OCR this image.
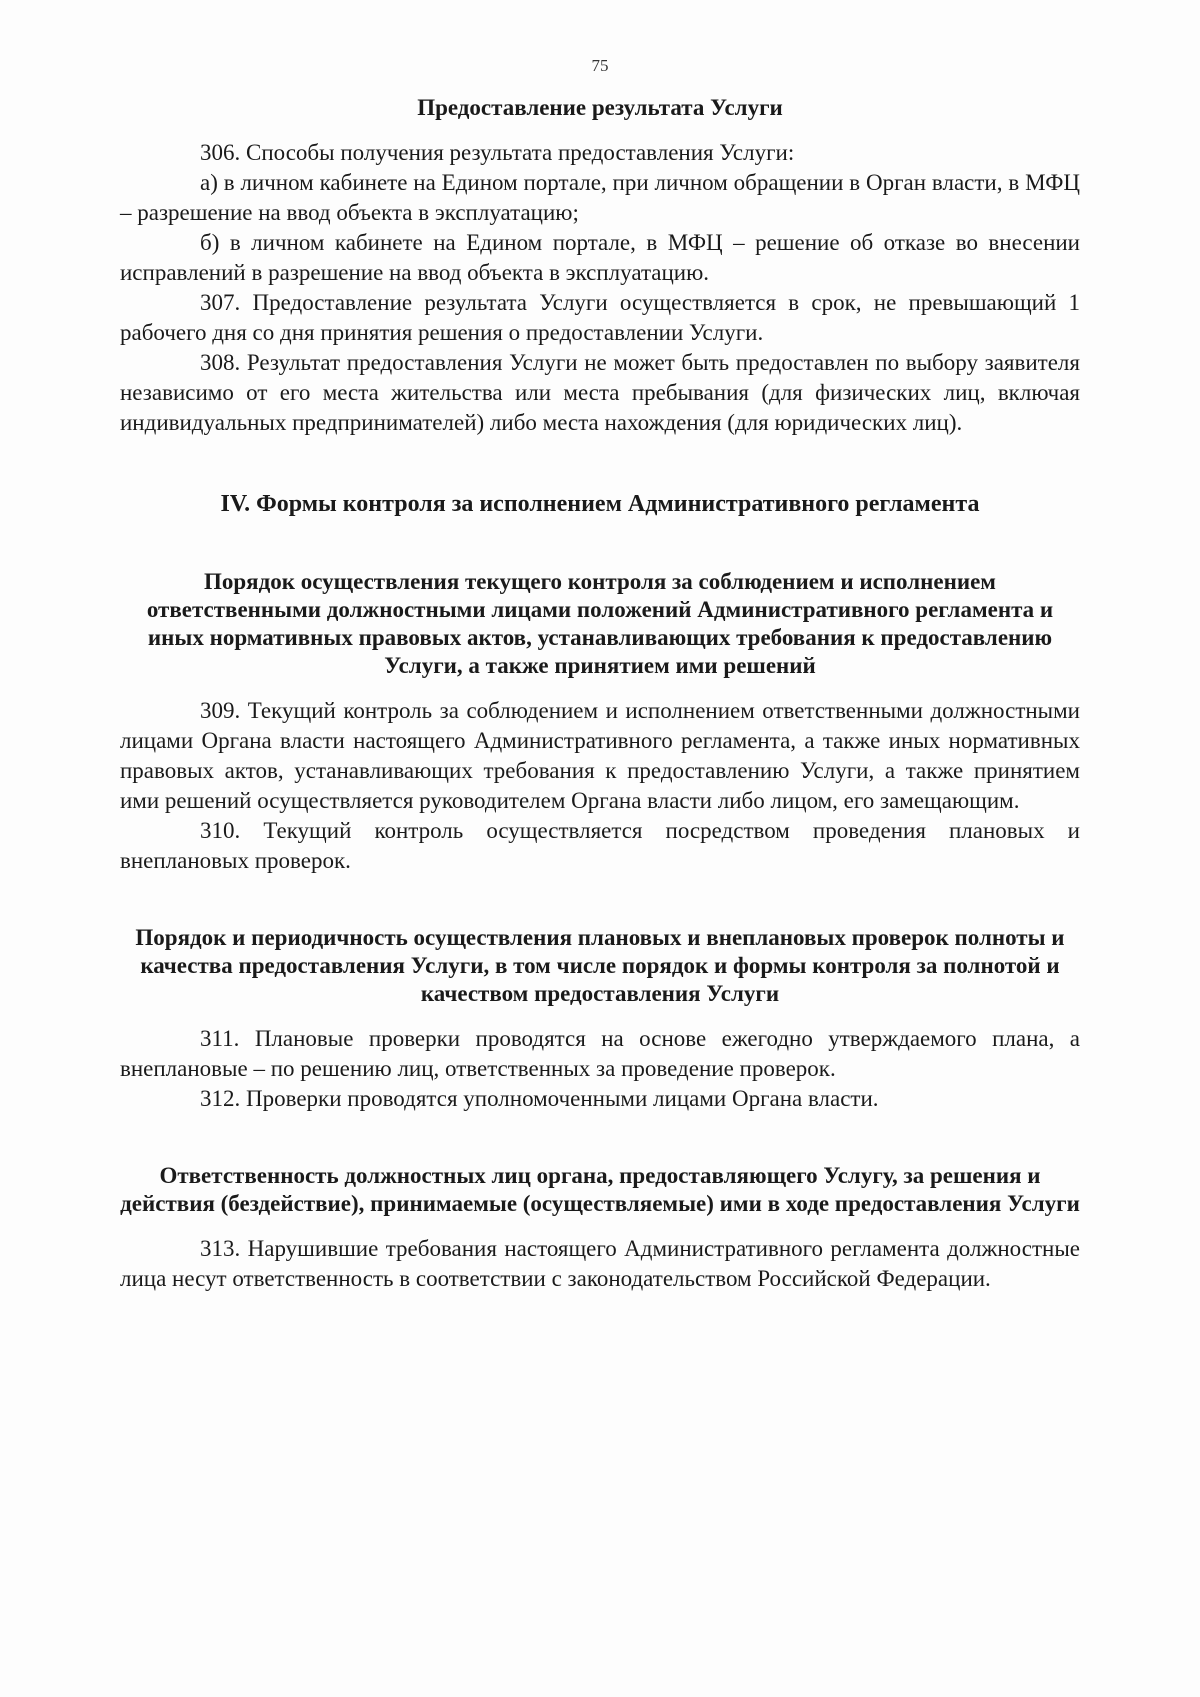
75
Предоставление результата Услуги

306. Способы получения результата предоставления Услуги:

а) в личном кабинете на Едином портале, при личном обращении в Орган власти, в МФЦ – разрешение на ввод объекта в эксплуатацию;

б) в личном кабинете на Едином портале, в МФЦ – решение об отказе во внесении исправлений в разрешение на ввод объекта в эксплуатацию.

307. Предоставление результата Услуги осуществляется в срок, не превышающий 1 рабочего дня со дня принятия решения о предоставлении Услуги.

308. Результат предоставления Услуги не может быть предоставлен по выбору заявителя независимо от его места жительства или места пребывания (для физических лиц, включая индивидуальных предпринимателей) либо места нахождения (для юридических лиц).

IV. Формы контроля за исполнением Административного регламента
Порядок осуществления текущего контроля за соблюдением и исполнением ответственными должностными лицами положений Административного регламента и иных нормативных правовых актов, устанавливающих требования к предоставлению Услуги, а также принятием ими решений

309. Текущий контроль за соблюдением и исполнением ответственными должностными лицами Органа власти настоящего Административного регламента, а также иных нормативных правовых актов, устанавливающих требования к предоставлению Услуги, а также принятием ими решений осуществляется руководителем Органа власти либо лицом, его замещающим.

310. Текущий контроль осуществляется посредством проведения плановых и внеплановых проверок.

Порядок и периодичность осуществления плановых и внеплановых проверок полноты и качества предоставления Услуги, в том числе порядок и формы контроля за полнотой и качеством предоставления Услуги

311. Плановые проверки проводятся на основе ежегодно утверждаемого плана, а внеплановые – по решению лиц, ответственных за проведение проверок.

312. Проверки проводятся уполномоченными лицами Органа власти.

Ответственность должностных лиц органа, предоставляющего Услугу, за решения и действия (бездействие), принимаемые (осуществляемые) ими в ходе предоставления Услуги

313. Нарушившие требования настоящего Административного регламента должностные лица несут ответственность в соответствии с законодательством Российской Федерации.
